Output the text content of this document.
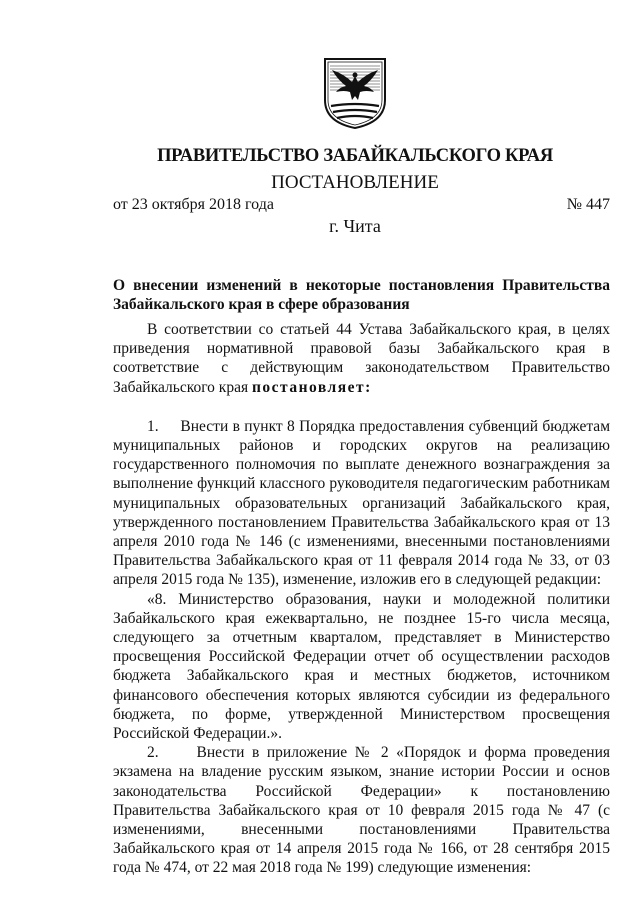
ПРАВИТЕЛЬСТВО ЗАБАЙКАЛЬСКОГО КРАЯ
ПОСТАНОВЛЕНИЕ
от 23 октября 2018 года	№ 447
г. Чита
О внесении изменений в некоторые постановления Правительства Забайкальского края в сфере образования

В соответствии со статьей 44 Устава Забайкальского края, в целях приведения нормативной правовой базы Забайкальского края в соответствие с действующим законодательством Правительство Забайкальского края постановляет:

1. Внести в пункт 8 Порядка предоставления субвенций бюджетам муниципальных районов и городских округов на реализацию государственного полномочия по выплате денежного вознаграждения за выполнение функций классного руководителя педагогическим работникам муниципальных образовательных организаций Забайкальского края, утвержденного постановлением Правительства Забайкальского края от 13 апреля 2010 года № 146 (с изменениями, внесенными постановлениями Правительства Забайкальского края от 11 февраля 2014 года № 33, от 03 апреля 2015 года № 135), изменение, изложив его в следующей редакции:

«8. Министерство образования, науки и молодежной политики Забайкальского края ежеквартально, не позднее 15-го числа месяца, следующего за отчетным кварталом, представляет в Министерство просвещения Российской Федерации отчет об осуществлении расходов бюджета Забайкальского края и местных бюджетов, источником финансового обеспечения которых являются субсидии из федерального бюджета, по форме, утвержденной Министерством просвещения Российской Федерации.».

2. Внести в приложение № 2 «Порядок и форма проведения экзамена на владение русским языком, знание истории России и основ законодательства Российской Федерации» к постановлению Правительства Забайкальского края от 10 февраля 2015 года № 47 (с изменениями, внесенными постановлениями Правительства Забайкальского края от 14 апреля 2015 года № 166, от 28 сентября 2015 года № 474, от 22 мая 2018 года № 199) следующие изменения:
